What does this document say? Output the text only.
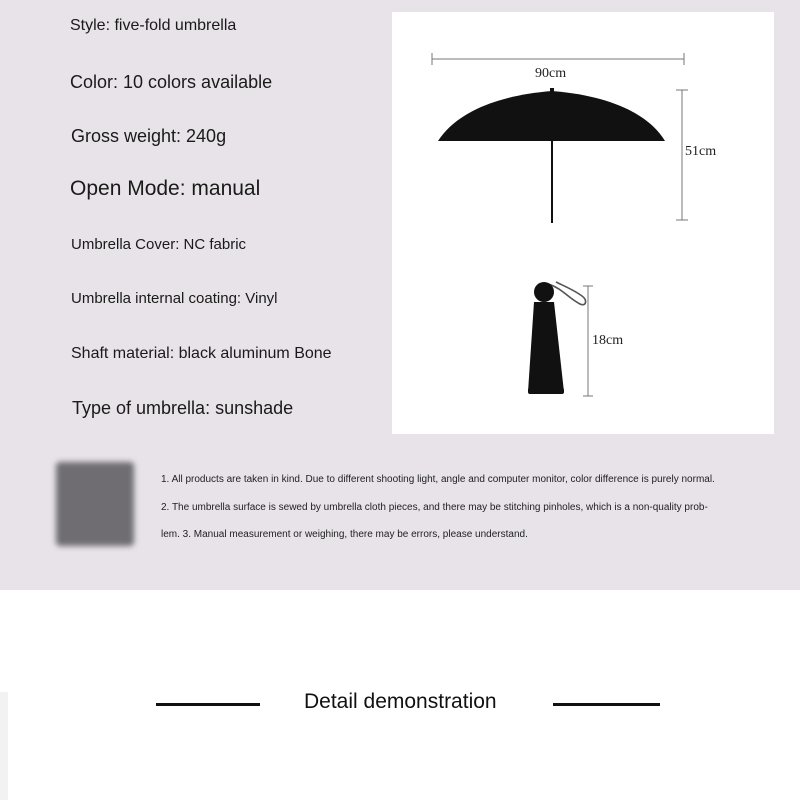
Style: five-fold umbrella
Color: 10 colors available
Gross weight: 240g
Open Mode: manual
Umbrella Cover: NC fabric
Umbrella internal coating: Vinyl
Shaft material: black aluminum Bone
Type of umbrella: sunshade
90cm
51cm
18cm
1. All products are taken in kind. Due to different shooting light, angle and computer monitor, color difference is purely normal.
2. The umbrella surface is sewed by umbrella cloth pieces, and there may be stitching pinholes, which is a non-quality prob-
lem. 3. Manual measurement or weighing, there may be errors, please understand.
Detail demonstration
